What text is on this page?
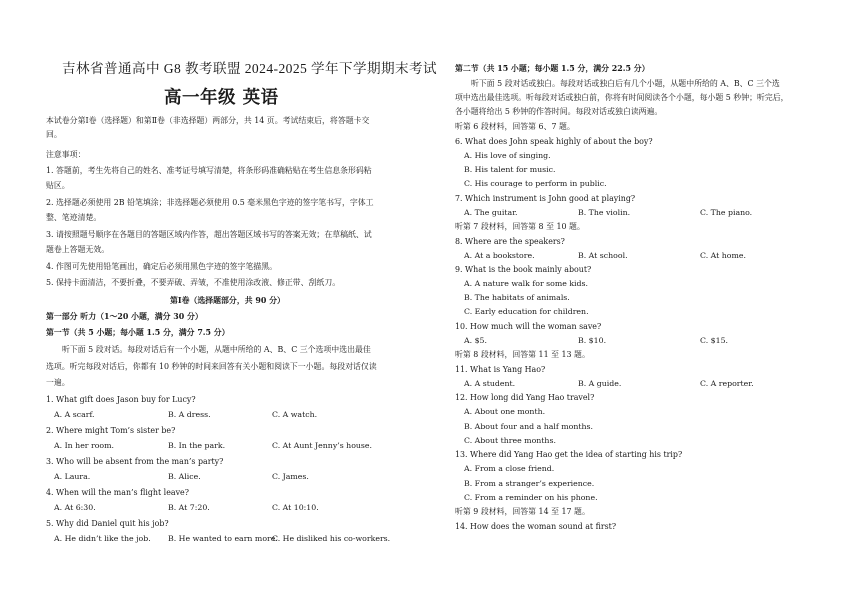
吉林省普通高中 G8 教考联盟 2024-2025 学年下学期期末考试
高一年级 英语
本试卷分第Ⅰ卷（选择题）和第Ⅱ卷（非选择题）两部分，共 14 页。考试结束后，将答题卡交
回。
注意事项：
1. 答题前，考生先将自己的姓名、准考证号填写清楚，将条形码准确粘贴在考生信息条形码粘
贴区。
2. 选择题必须使用 2B 铅笔填涂；非选择题必须使用 0.5 毫米黑色字迹的签字笔书写，字体工
整、笔迹清楚。
3. 请按照题号顺序在各题目的答题区域内作答，超出答题区域书写的答案无效；在草稿纸、试
题卷上答题无效。
4. 作图可先使用铅笔画出，确定后必须用黑色字迹的签字笔描黑。
5. 保持卡面清洁，不要折叠，不要弄破、弄皱，不准使用涂改液、修正带、刮纸刀。
第Ⅰ卷（选择题部分，共 90 分）
第一部分 听力（1～20 小题，满分 30 分）
第一节（共 5 小题；每小题 1.5 分，满分 7.5 分）
听下面 5 段对话。每段对话后有一个小题，从题中所给的 A、B、C 三个选项中选出最佳
选项。听完每段对话后，你都有 10 秒钟的时间来回答有关小题和阅读下一小题。每段对话仅读
一遍。
1. What gift does Jason buy for Lucy?
A. A scarf.	B. A dress.	C. A watch.
2. Where might Tom’s sister be?
A. In her room.	B. In the park.	C. At Aunt Jenny’s house.
3. Who will be absent from the man’s party?
A. Laura.	B. Alice.	C. James.
4. When will the man’s flight leave?
A. At 6:30.	B. At 7:20.	C. At 10:10.
5. Why did Daniel quit his job?
A. He didn’t like the job. B. He wanted to earn more.
C. He disliked his co-workers.
第二节（共 15 小题；每小题 1.5 分，满分 22.5 分）
听下面 5 段对话或独白。每段对话或独白后有几个小题，从题中所给的 A、B、C 三个选
项中选出最佳选项。听每段对话或独白前，你将有时间阅读各个小题，每小题 5 秒钟；听完后，
各小题将给出 5 秒钟的作答时间。每段对话或独白读两遍。
听第 6 段材料，回答第 6、7 题。
6. What does John speak highly of about the boy?
A. His love of singing.
B. His talent for music.
C. His courage to perform in public.
7. Which instrument is John good at playing?
A. The guitar.	B. The violin.	C. The piano.
听第 7 段材料，回答第 8 至 10 题。
8. Where are the speakers?
A. At a bookstore.	B. At school.	C. At home.
9. What is the book mainly about?
A. A nature walk for some kids.
B. The habitats of animals.
C. Early education for children.
10. How much will the woman save?
A. $5.	B. $10.	C. $15.
听第 8 段材料，回答第 11 至 13 题。
11. What is Yang Hao?
A. A student.	B. A guide.	C. A reporter.
12. How long did Yang Hao travel?
A. About one month.
B. About four and a half months.
C. About three months.
13. Where did Yang Hao get the idea of starting his trip?
A. From a close friend.
B. From a stranger’s experience.
C. From a reminder on his phone.
听第 9 段材料，回答第 14 至 17 题。
14. How does the woman sound at first?
